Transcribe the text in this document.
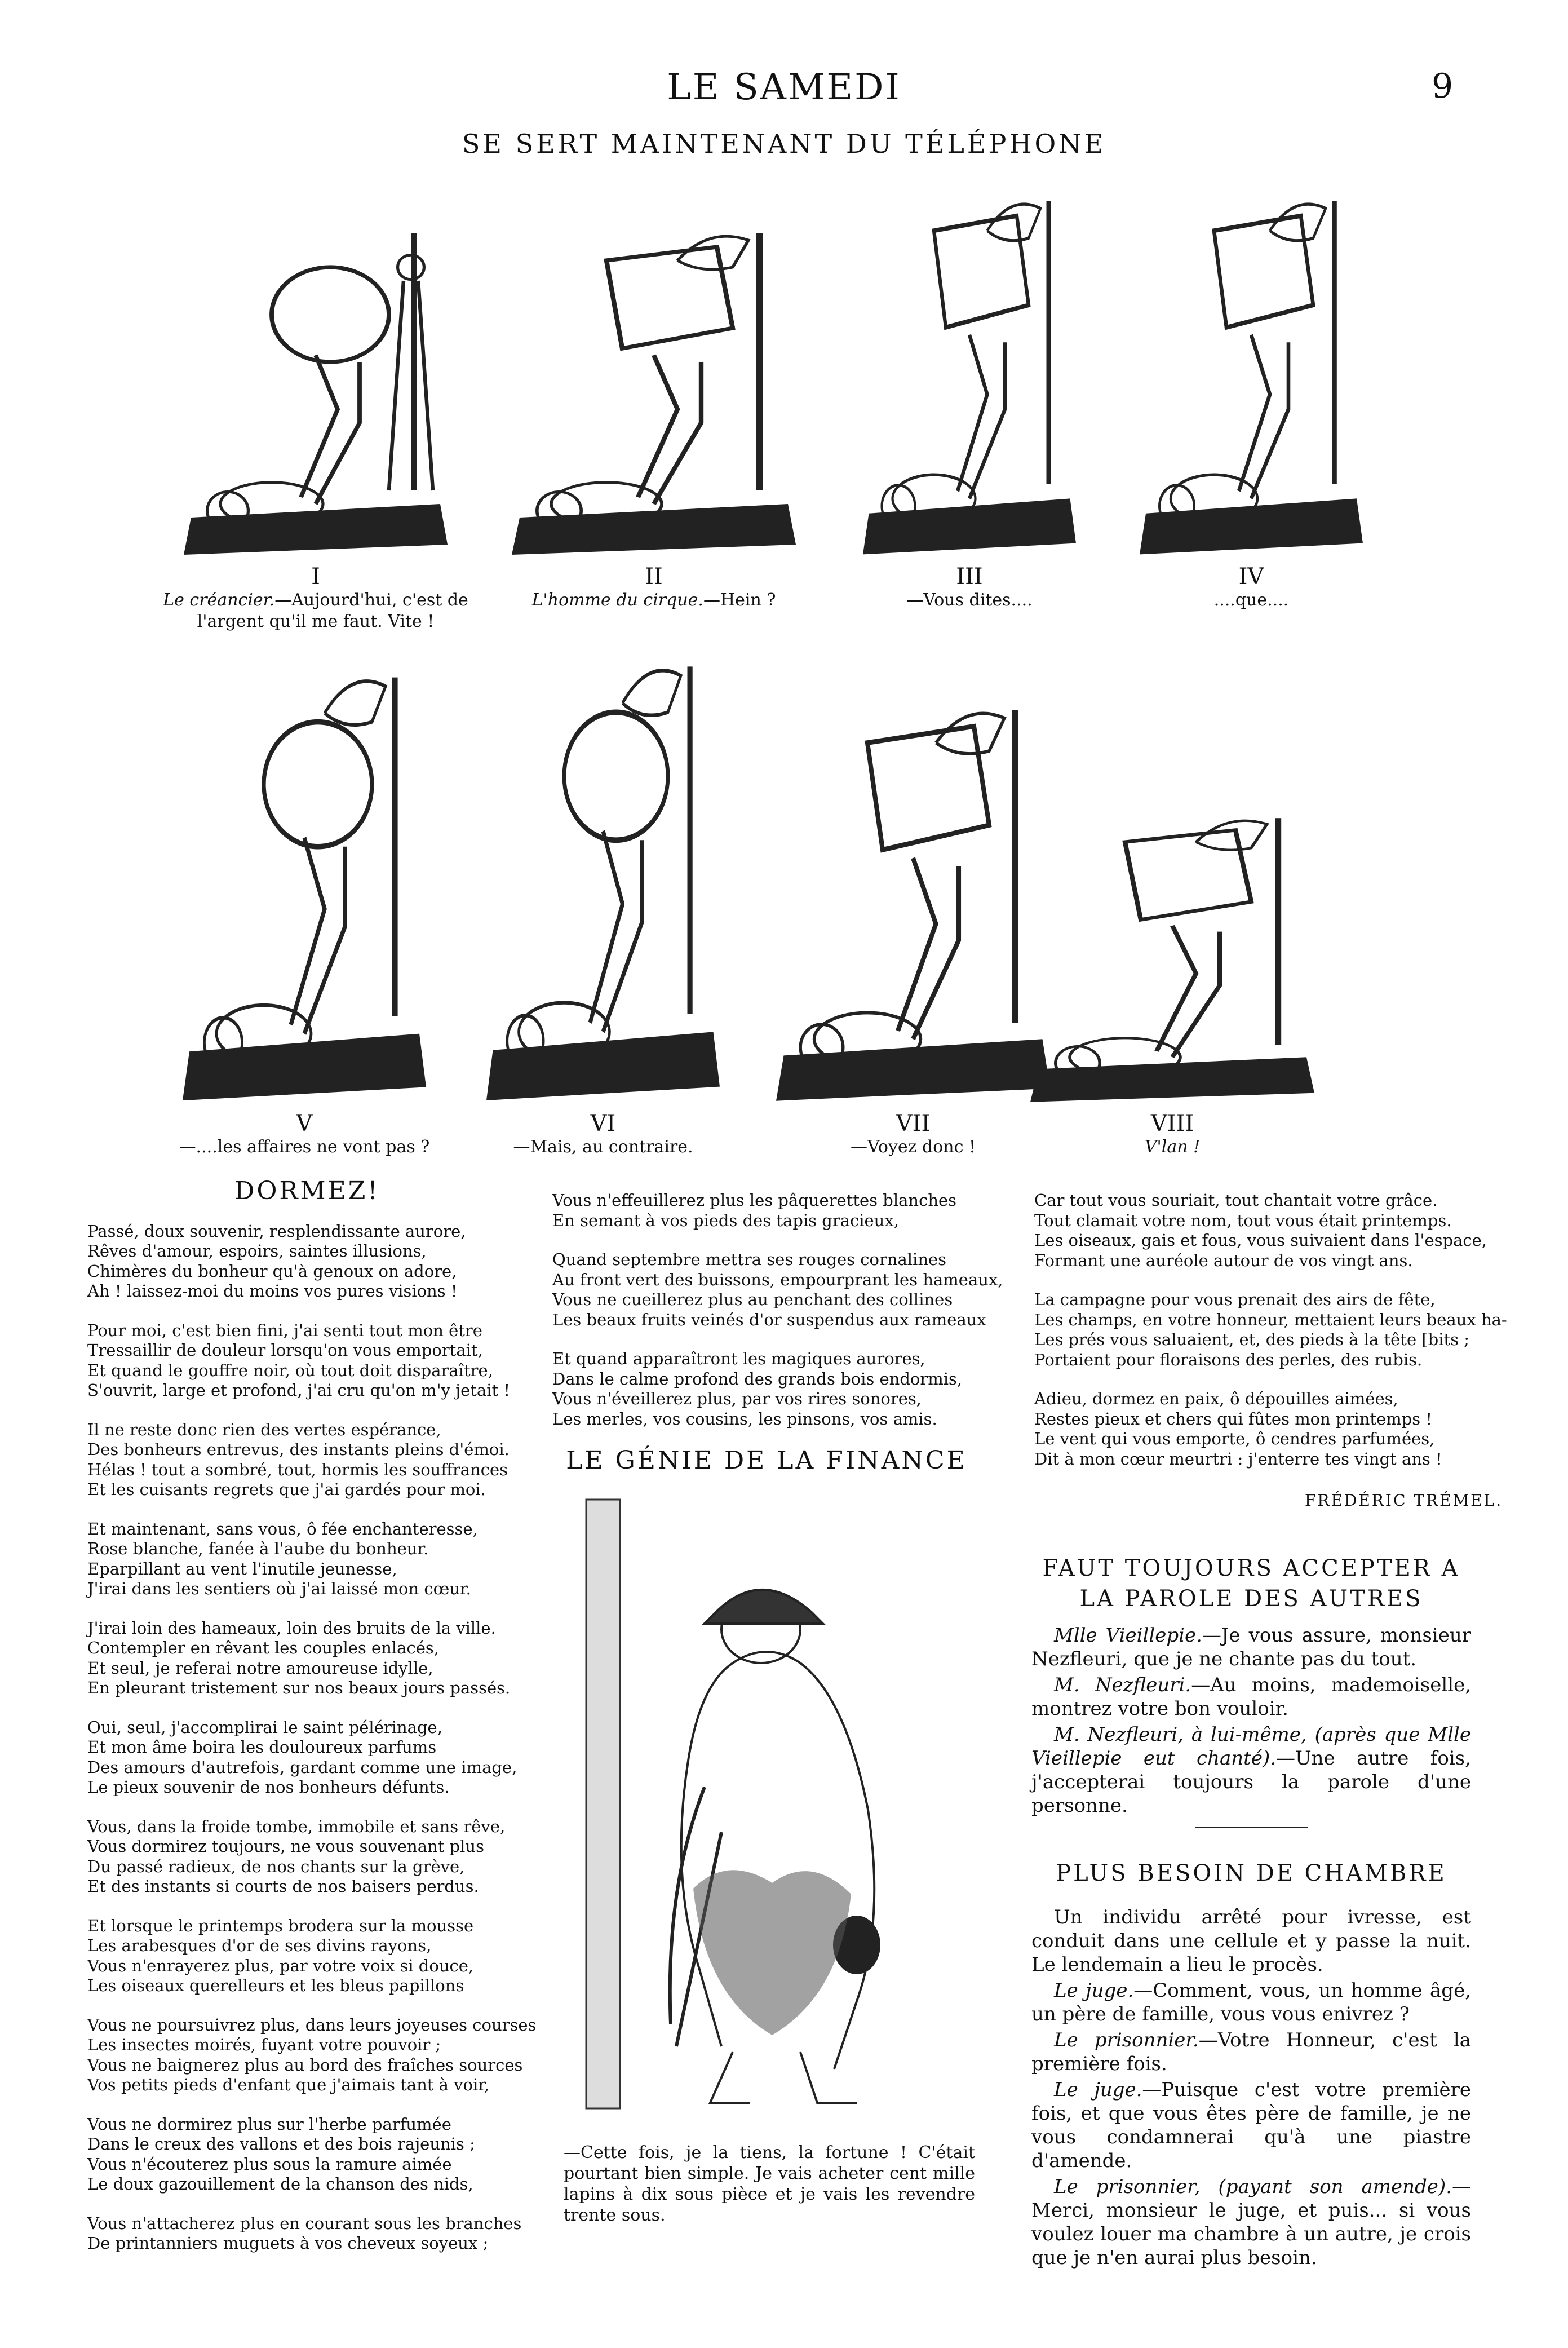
LE SAMEDI	9
SE SERT MAINTENANT DU TÉLÉPHONE
I
Le créancier.—Aujourd'hui, c'est de l'argent qu'il me faut. Vite !
II
L'homme du cirque.—Hein ?
III
—Vous dites....
IV
....que....
V
—....les affaires ne vont pas ?
VI
—Mais, au contraire.
VII
—Voyez donc !
VIII
V'lan !
DORMEZ!

Passé, doux souvenir, resplendissante aurore,
Rêves d'amour, espoirs, saintes illusions,
Chimères du bonheur qu'à genoux on adore,
Ah ! laissez-moi du moins vos pures visions !

Pour moi, c'est bien fini, j'ai senti tout mon être
Tressaillir de douleur lorsqu'on vous emportait,
Et quand le gouffre noir, où tout doit disparaître,
S'ouvrit, large et profond, j'ai cru qu'on m'y jetait !

Il ne reste donc rien des vertes espérance,
Des bonheurs entrevus, des instants pleins d'émoi.
Hélas ! tout a sombré, tout, hormis les souffrances
Et les cuisants regrets que j'ai gardés pour moi.

Et maintenant, sans vous, ô fée enchanteresse,
Rose blanche, fanée à l'aube du bonheur.
Eparpillant au vent l'inutile jeunesse,
J'irai dans les sentiers où j'ai laissé mon cœur.

J'irai loin des hameaux, loin des bruits de la ville.
Contempler en rêvant les couples enlacés,
Et seul, je referai notre amoureuse idylle,
En pleurant tristement sur nos beaux jours passés.

Oui, seul, j'accomplirai le saint pélérinage,
Et mon âme boira les douloureux parfums
Des amours d'autrefois, gardant comme une image,
Le pieux souvenir de nos bonheurs défunts.

Vous, dans la froide tombe, immobile et sans rêve,
Vous dormirez toujours, ne vous souvenant plus
Du passé radieux, de nos chants sur la grève,
Et des instants si courts de nos baisers perdus.

Et lorsque le printemps brodera sur la mousse
Les arabesques d'or de ses divins rayons,
Vous n'enrayerez plus, par votre voix si douce,
Les oiseaux querelleurs et les bleus papillons

Vous ne poursuivrez plus, dans leurs joyeuses courses
Les insectes moirés, fuyant votre pouvoir ;
Vous ne baignerez plus au bord des fraîches sources
Vos petits pieds d'enfant que j'aimais tant à voir,

Vous ne dormirez plus sur l'herbe parfumée
Dans le creux des vallons et des bois rajeunis ;
Vous n'écouterez plus sous la ramure aimée
Le doux gazouillement de la chanson des nids,

Vous n'attacherez plus en courant sous les branches
De printanniers muguets à vos cheveux soyeux ;

Vous n'effeuillerez plus les pâquerettes blanches
En semant à vos pieds des tapis gracieux,

Quand septembre mettra ses rouges cornalines
Au front vert des buissons, empourprant les hameaux,
Vous ne cueillerez plus au penchant des collines
Les beaux fruits veinés d'or suspendus aux rameaux

Et quand apparaîtront les magiques aurores,
Dans le calme profond des grands bois endormis,
Vous n'éveillerez plus, par vos rires sonores,
Les merles, vos cousins, les pinsons, vos amis.

Car tout vous souriait, tout chantait votre grâce.
Tout clamait votre nom, tout vous était printemps.
Les oiseaux, gais et fous, vous suivaient dans l'espace,
Formant une auréole autour de vos vingt ans.

La campagne pour vous prenait des airs de fête,
Les champs, en votre honneur, mettaient leurs beaux ha-
Les prés vous saluaient, et, des pieds à la tête [bits ;
Portaient pour floraisons des perles, des rubis.

Adieu, dormez en paix, ô dépouilles aimées,
Restes pieux et chers qui fûtes mon printemps !
Le vent qui vous emporte, ô cendres parfumées,
Dit à mon cœur meurtri : j'enterre tes vingt ans !

FRÉDÉRIC TRÉMEL.
LE GÉNIE DE LA FINANCE
—Cette fois, je la tiens, la fortune ! C'était pourtant bien simple. Je vais acheter cent mille lapins à dix sous pièce et je vais les revendre trente sous.
FAUT TOUJOURS ACCEPTER A LA PAROLE DES AUTRES

Mlle Vieillepie.—Je vous assure, monsieur Nezfleuri, que je ne chante pas du tout.

M. Nezfleuri.—Au moins, mademoiselle, montrez votre bon vouloir.

M. Nezfleuri, à lui-même, (après que Mlle Vieillepie eut chanté).—Une autre fois, j'accepterai toujours la parole d'une personne.

PLUS BESOIN DE CHAMBRE

Un individu arrêté pour ivresse, est conduit dans une cellule et y passe la nuit. Le lendemain a lieu le procès.

Le juge.—Comment, vous, un homme âgé, un père de famille, vous vous enivrez ?

Le prisonnier.—Votre Honneur, c'est la première fois.

Le juge.—Puisque c'est votre première fois, et que vous êtes père de famille, je ne vous condamnerai qu'à une piastre d'amende.

Le prisonnier, (payant son amende).—Merci, monsieur le juge, et puis... si vous voulez louer ma chambre à un autre, je crois que je n'en aurai plus besoin.
